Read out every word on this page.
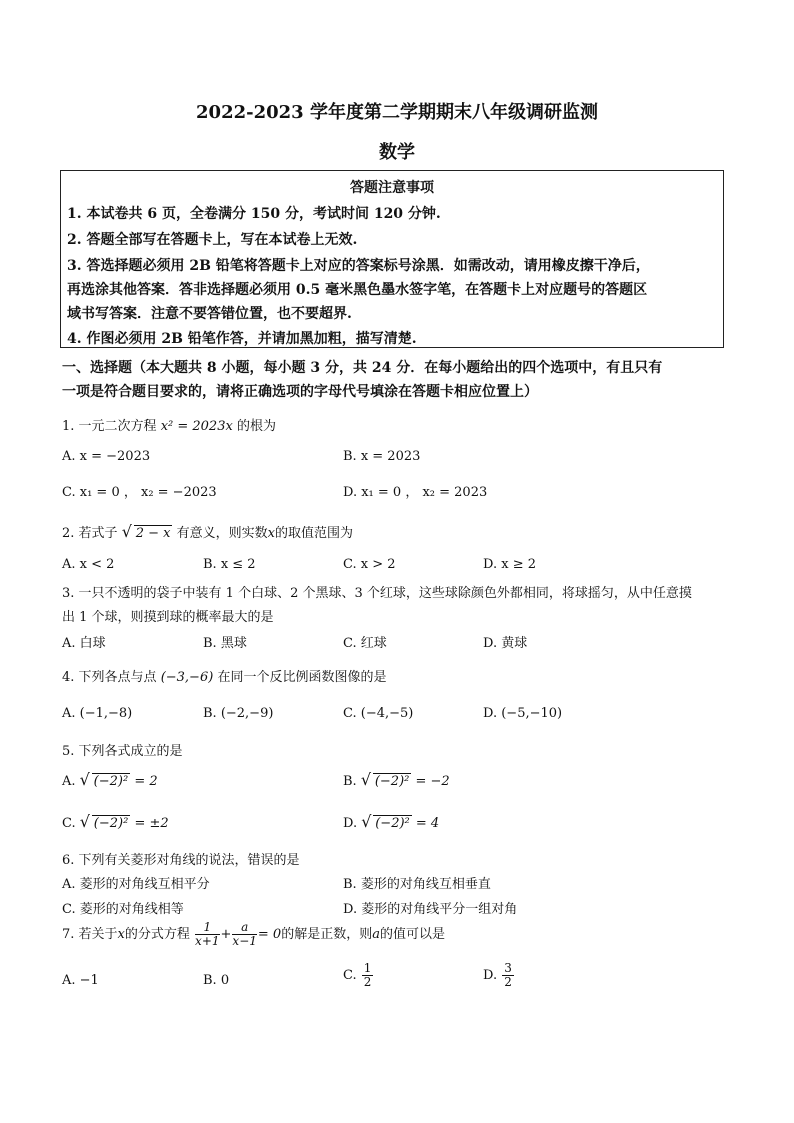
2022-2023 学年度第二学期期末八年级调研监测
数学
答题注意事项
1. 本试卷共 6 页，全卷满分 150 分，考试时间 120 分钟.
2. 答题全部写在答题卡上，写在本试卷上无效.
3. 答选择题必须用 2B 铅笔将答题卡上对应的答案标号涂黑．如需改动，请用橡皮擦干净后，
再选涂其他答案．答非选择题必须用 0.5 毫米黑色墨水签字笔，在答题卡上对应题号的答题区
域书写答案．注意不要答错位置，也不要超界.
4. 作图必须用 2B 铅笔作答，并请加黑加粗，描写清楚.
一、选择题（本大题共 8 小题，每小题 3 分，共 24 分．在每小题给出的四个选项中，有且只有
一项是符合题目要求的，请将正确选项的字母代号填涂在答题卡相应位置上）
1. 一元二次方程 x² = 2023x 的根为
A. x = −2023	B. x = 2023
C. x₁ = 0 ， x₂ = −2023	D. x₁ = 0 ， x₂ = 2023
2. 若式子 √ 2 − x 有意义，则实数x的取值范围为
A. x < 2	B. x ≤ 2	C. x > 2	D. x ≥ 2
3. 一只不透明的袋子中装有 1 个白球、2 个黑球、3 个红球，这些球除颜色外都相同，将球摇匀，从中任意摸
出 1 个球，则摸到球的概率最大的是
A. 白球	B. 黑球	C. 红球	D. 黄球
4. 下列各点与点 (−3,−6) 在同一个反比例函数图像的是
A. (−1,−8)	B. (−2,−9)	C. (−4,−5)	D. (−5,−10)
5. 下列各式成立的是
A. √ (−2)² = 2	B. √ (−2)² = −2
C. √ (−2)² = ±2	D. √ (−2)² = 4
6. 下列有关菱形对角线的说法，错误的是
A. 菱形的对角线互相平分	B. 菱形的对角线互相垂直
C. 菱形的对角线相等	D. 菱形的对角线平分一组对角
7. 若关于x的分式方程 $\frac{1}{x+1} + \frac{a}{x-1} = 0$的解是正数，则a的值可以是
A. −1	B. 0	C. $\frac{1}{2}$	D. $\frac{3}{2}$
